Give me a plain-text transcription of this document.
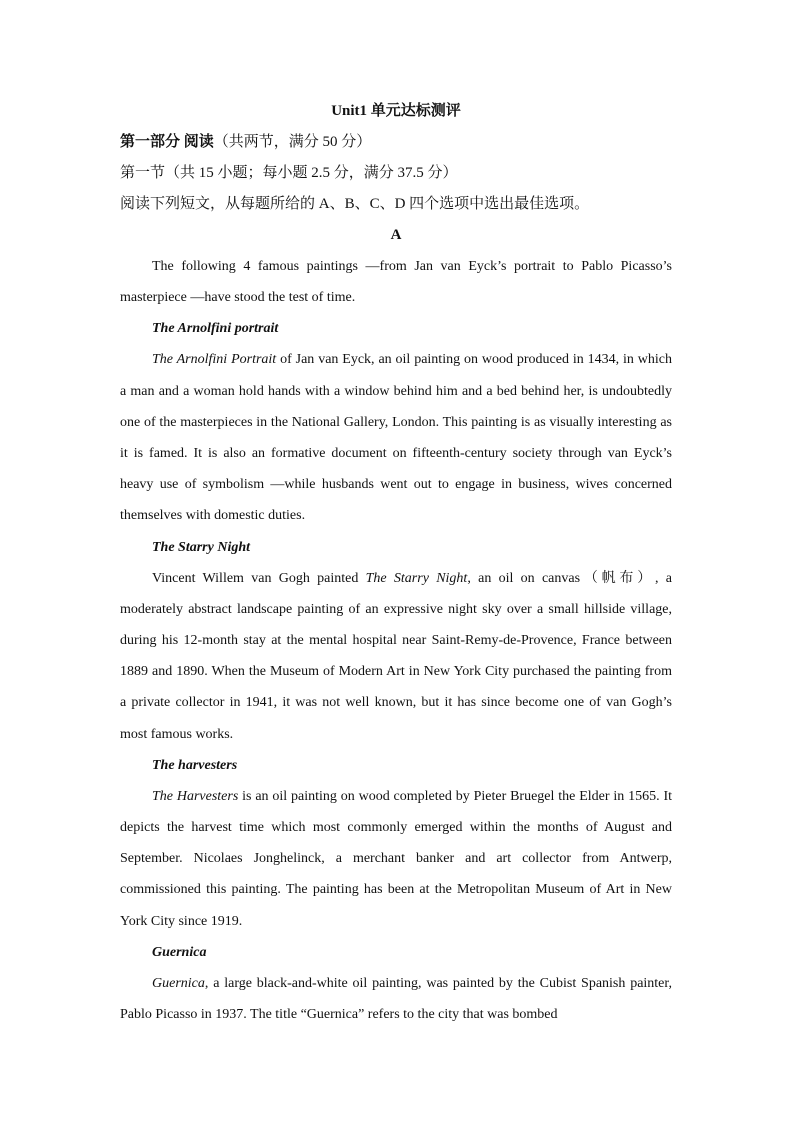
Unit1 单元达标测评

第一部分 阅读（共两节，满分 50 分）

第一节（共 15 小题；每小题 2.5 分，满分 37.5 分）

阅读下列短文，从每题所给的 A、B、C、D 四个选项中选出最佳选项。

A

The following 4 famous paintings —from Jan van Eyck’s portrait to Pablo Picasso’s masterpiece —have stood the test of time.

The Arnolfini portrait

The Arnolfini Portrait of Jan van Eyck, an oil painting on wood produced in 1434, in which a man and a woman hold hands with a window behind him and a bed behind her, is undoubtedly one of the masterpieces in the National Gallery, London. This painting is as visually interesting as it is famed. It is also an formative document on fifteenth-century society through van Eyck’s heavy use of symbolism —while husbands went out to engage in business, wives concerned themselves with domestic duties.

The Starry Night

Vincent Willem van Gogh painted The Starry Night, an oil on canvas（帆布）, a moderately abstract landscape painting of an expressive night sky over a small hillside village, during his 12-month stay at the mental hospital near Saint-Remy-de-Provence, France between 1889 and 1890. When the Museum of Modern Art in New York City purchased the painting from a private collector in 1941, it was not well known, but it has since become one of van Gogh’s most famous works.

The harvesters

The Harvesters is an oil painting on wood completed by Pieter Bruegel the Elder in 1565. It depicts the harvest time which most commonly emerged within the months of August and September. Nicolaes Jonghelinck, a merchant banker and art collector from Antwerp, commissioned this painting. The painting has been at the Metropolitan Museum of Art in New York City since 1919.

Guernica

Guernica, a large black-and-white oil painting, was painted by the Cubist Spanish painter, Pablo Picasso in 1937. The title “Guernica” refers to the city that was bombed
